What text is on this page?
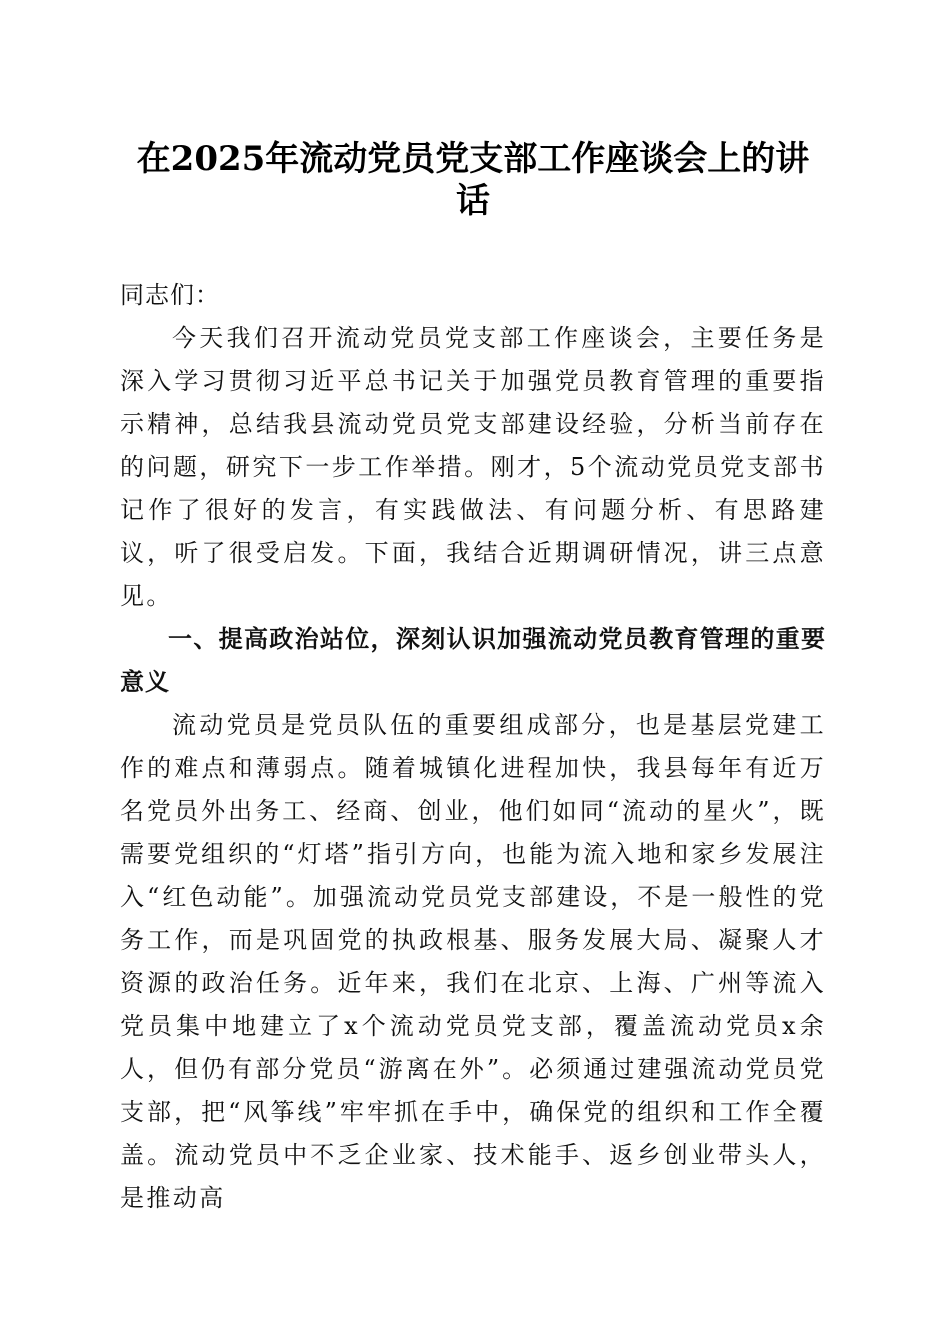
在2025年流动党员党支部工作座谈会上的讲话

同志们：

今天我们召开流动党员党支部工作座谈会，主要任务是深入学习贯彻习近平总书记关于加强党员教育管理的重要指示精神，总结我县流动党员党支部建设经验，分析当前存在的问题，研究下一步工作举措。刚才，5个流动党员党支部书记作了很好的发言，有实践做法、有问题分析、有思路建议，听了很受启发。下面，我结合近期调研情况，讲三点意见。

一、提高政治站位，深刻认识加强流动党员教育管理的重要意义

流动党员是党员队伍的重要组成部分，也是基层党建工作的难点和薄弱点。随着城镇化进程加快，我县每年有近万名党员外出务工、经商、创业，他们如同“流动的星火”，既需要党组织的“灯塔”指引方向，也能为流入地和家乡发展注入“红色动能”。加强流动党员党支部建设，不是一般性的党务工作，而是巩固党的执政根基、服务发展大局、凝聚人才资源的政治任务。近年来，我们在北京、上海、广州等流入党员集中地建立了x个流动党员党支部，覆盖流动党员x余人，但仍有部分党员“游离在外”。必须通过建强流动党员党支部，把“风筝线”牢牢抓在手中，确保党的组织和工作全覆盖。流动党员中不乏企业家、技术能手、返乡创业带头人，是推动高
